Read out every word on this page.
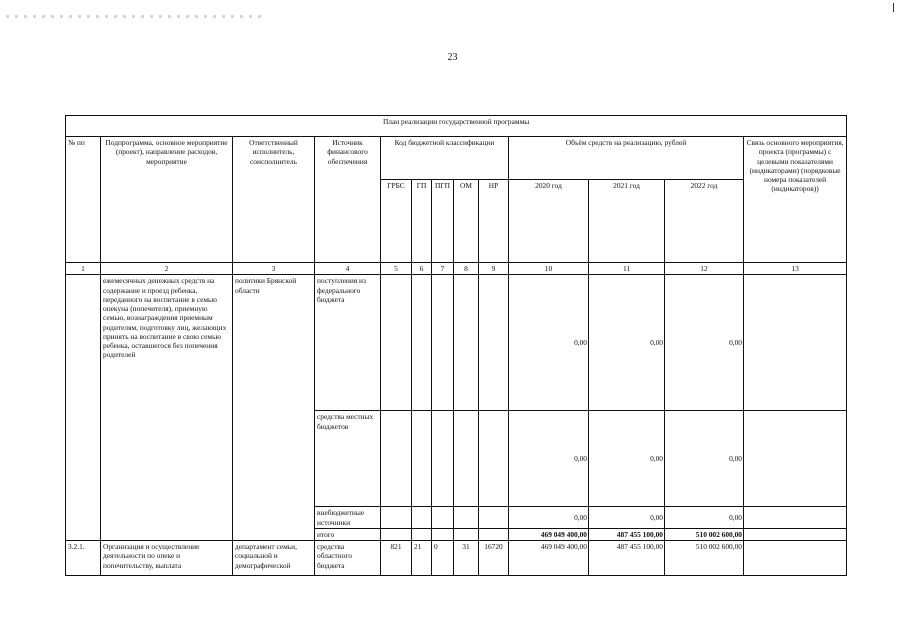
23
План реализации государственной программы												
№ пп	Подпрограмма, основное мероприятие (проект), направление расходов, мероприятие	Ответственный исполнитель, соисполнитель	Источник финансового обеспечения	Код бюджетной классификации					Объём средств на реализацию, рублей			Связь основного мероприятия, проекта (программы) с целевыми показателями (индикаторами) (порядковые номера показателей (индикаторов))
				ГРБС	ГП	ПГП	ОМ	НР	2020 год	2021 год	2022 год	
1	2	3	4	5	6	7	8	9	10	11	12	13
	ежемесячных денежных средств на содержание и проезд ребенка, переданного на воспитание в семью опекуна (попечителя), приемную семью, вознаграждения приемным родителям, подготовку лиц, желающих принять на воспитание в свою семью ребенка, оставшегося без попечения родителей	политики Брянской области	поступления из федерального бюджета						0,00	0,00	0,00	
			средства местных бюджетов						0,00	0,00	0,00	
			внебюджетные источники						0,00	0,00	0,00	
			итого						469 049 400,00	487 455 100,00	510 002 600,00	
3.2.1.	Организация и осуществление деятельности по опеке и попечительству, выплата	департамент семьи, социальной и демографической	средства областного бюджета	821	21	0	31	16720	469 049 400,00	487 455 100,00	510 002 600,00	
